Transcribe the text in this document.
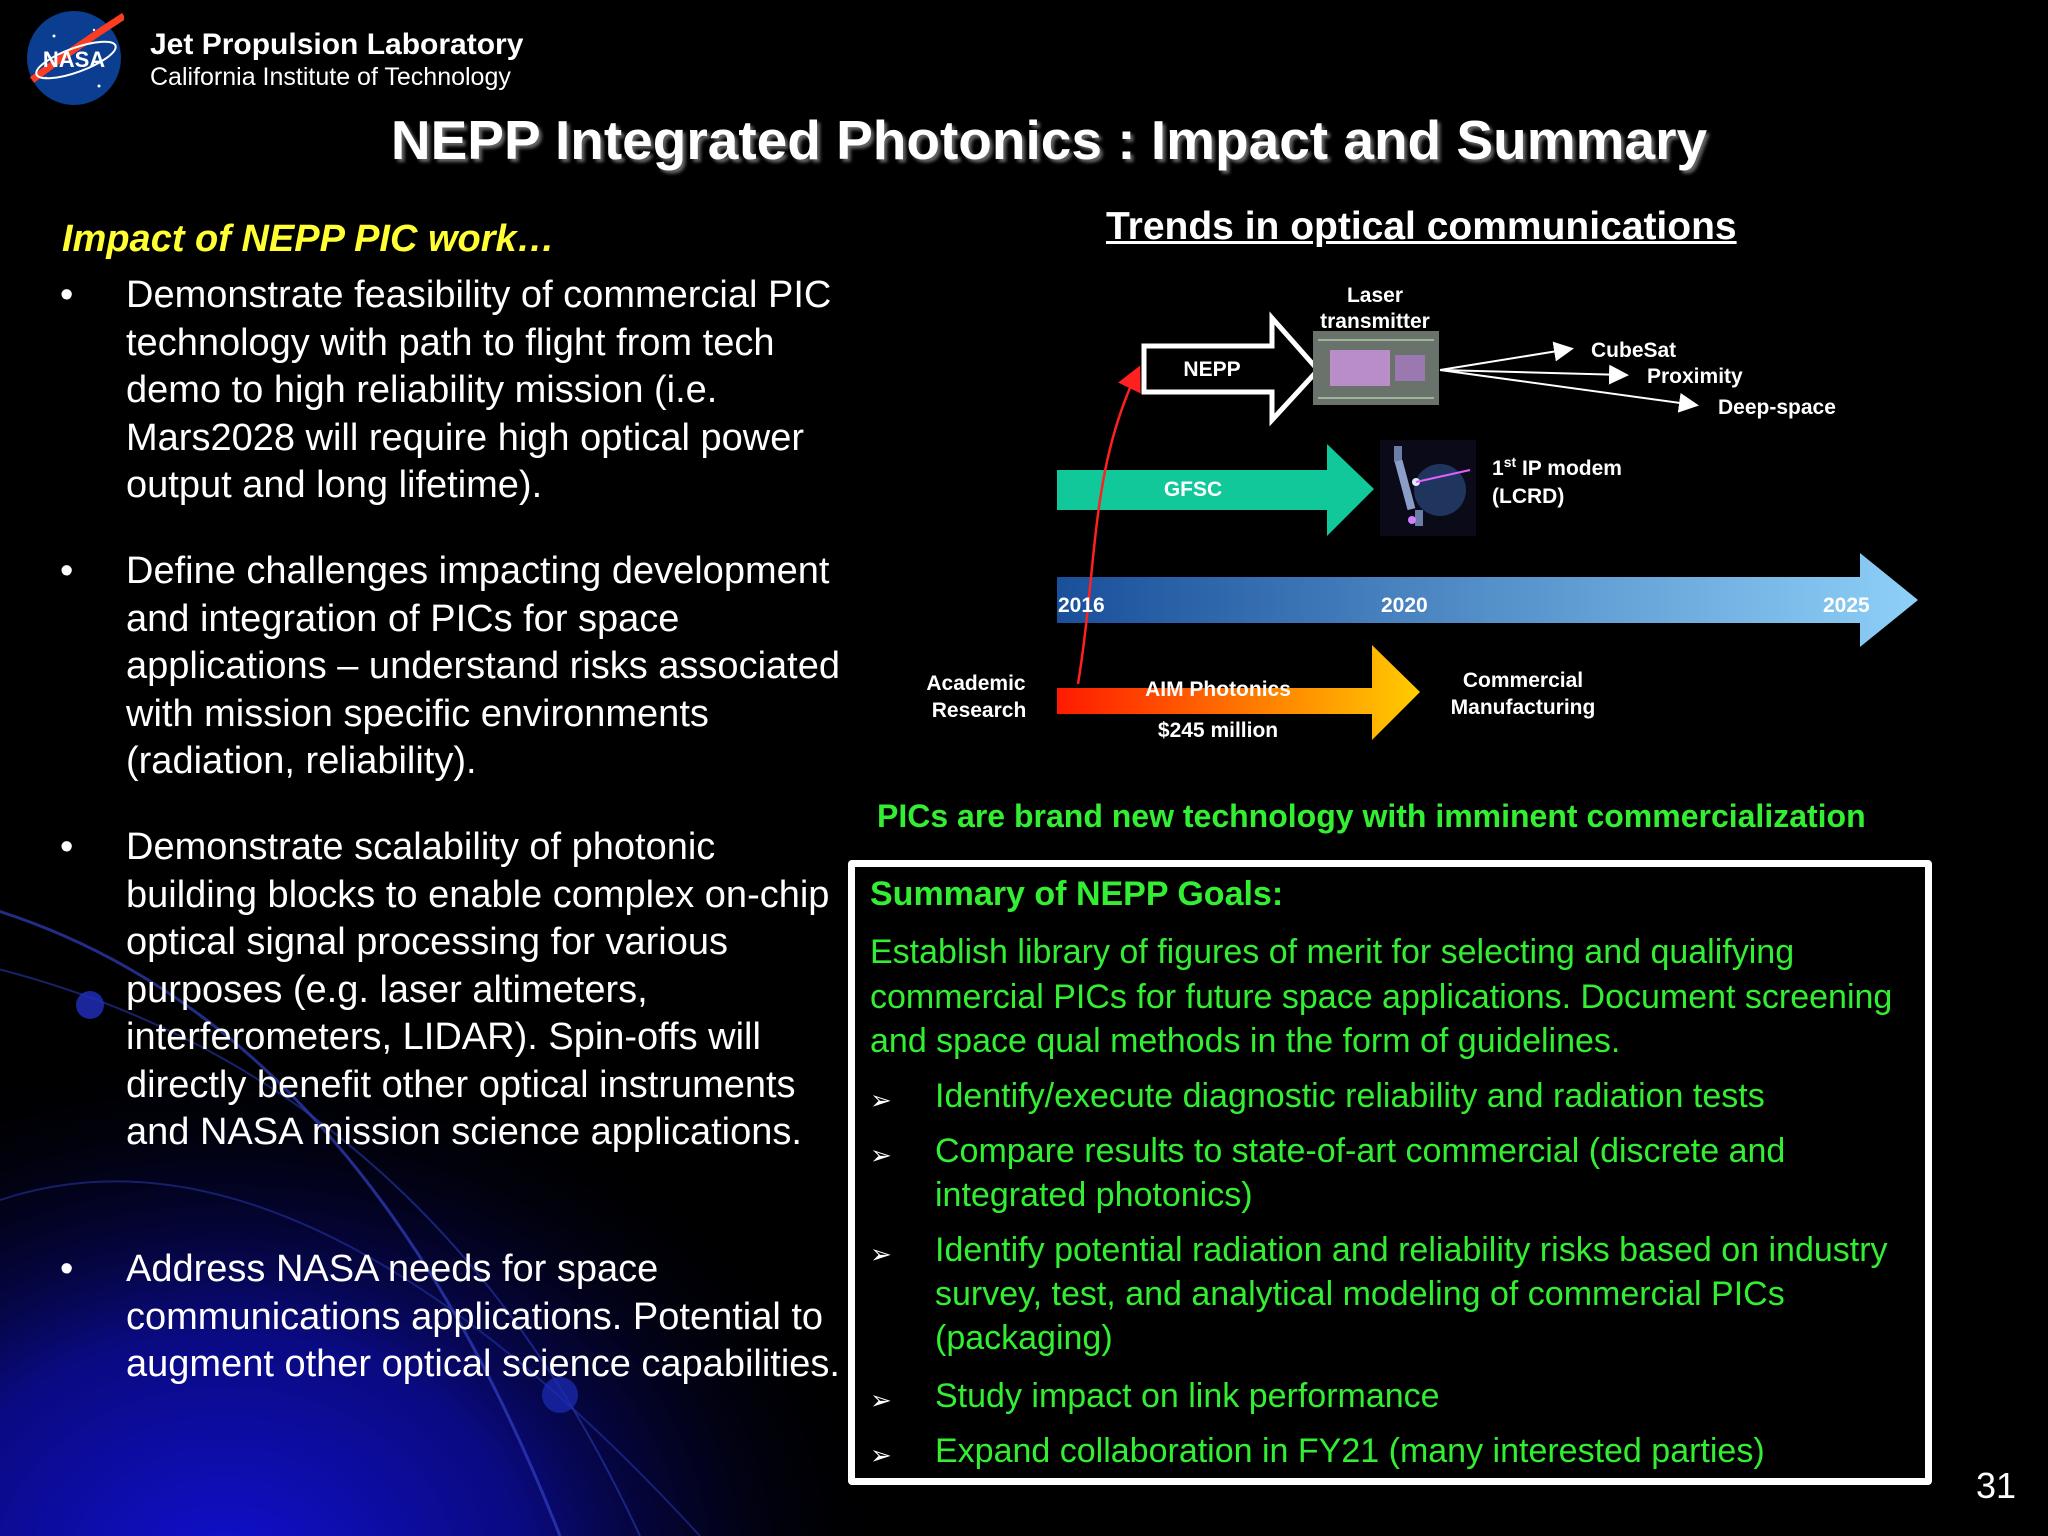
NASA Jet Propulsion Laboratory
California Institute of Technology
NEPP Integrated Photonics : Impact and Summary
Impact of NEPP PIC work…
• Demonstrate feasibility of commercial PIC technology with path to flight from tech demo to high reliability mission (i.e. Mars2028 will require high optical power output and long lifetime).
• Define challenges impacting development and integration of PICs for space applications – understand risks associated with mission specific environments (radiation, reliability).
• Demonstrate scalability of photonic building blocks to enable complex on-chip optical signal processing for various purposes (e.g. laser altimeters, interferometers, LIDAR). Spin-offs will directly benefit other optical instruments and NASA mission science applications.
• Address NASA needs for space communications applications. Potential to augment other optical science capabilities.
Trends in optical communications
Laser
transmitter
NEPP
CubeSat
Proximity
Deep-space
GFSC
1st IP modem
(LCRD)
2016	2020	2025
Academic
Research
AIM Photonics
$245 million
Commercial
Manufacturing
PICs are brand new technology with imminent commercialization
Summary of NEPP Goals:
Establish library of figures of merit for selecting and qualifying commercial PICs for future space applications. Document screening and space qual methods in the form of guidelines.
➢ Identify/execute diagnostic reliability and radiation tests
➢ Compare results to state-of-art commercial (discrete and integrated photonics)
➢ Identify potential radiation and reliability risks based on industry survey, test, and analytical modeling of commercial PICs (packaging)
➢ Study impact on link performance
➢ Expand collaboration in FY21 (many interested parties)
31
